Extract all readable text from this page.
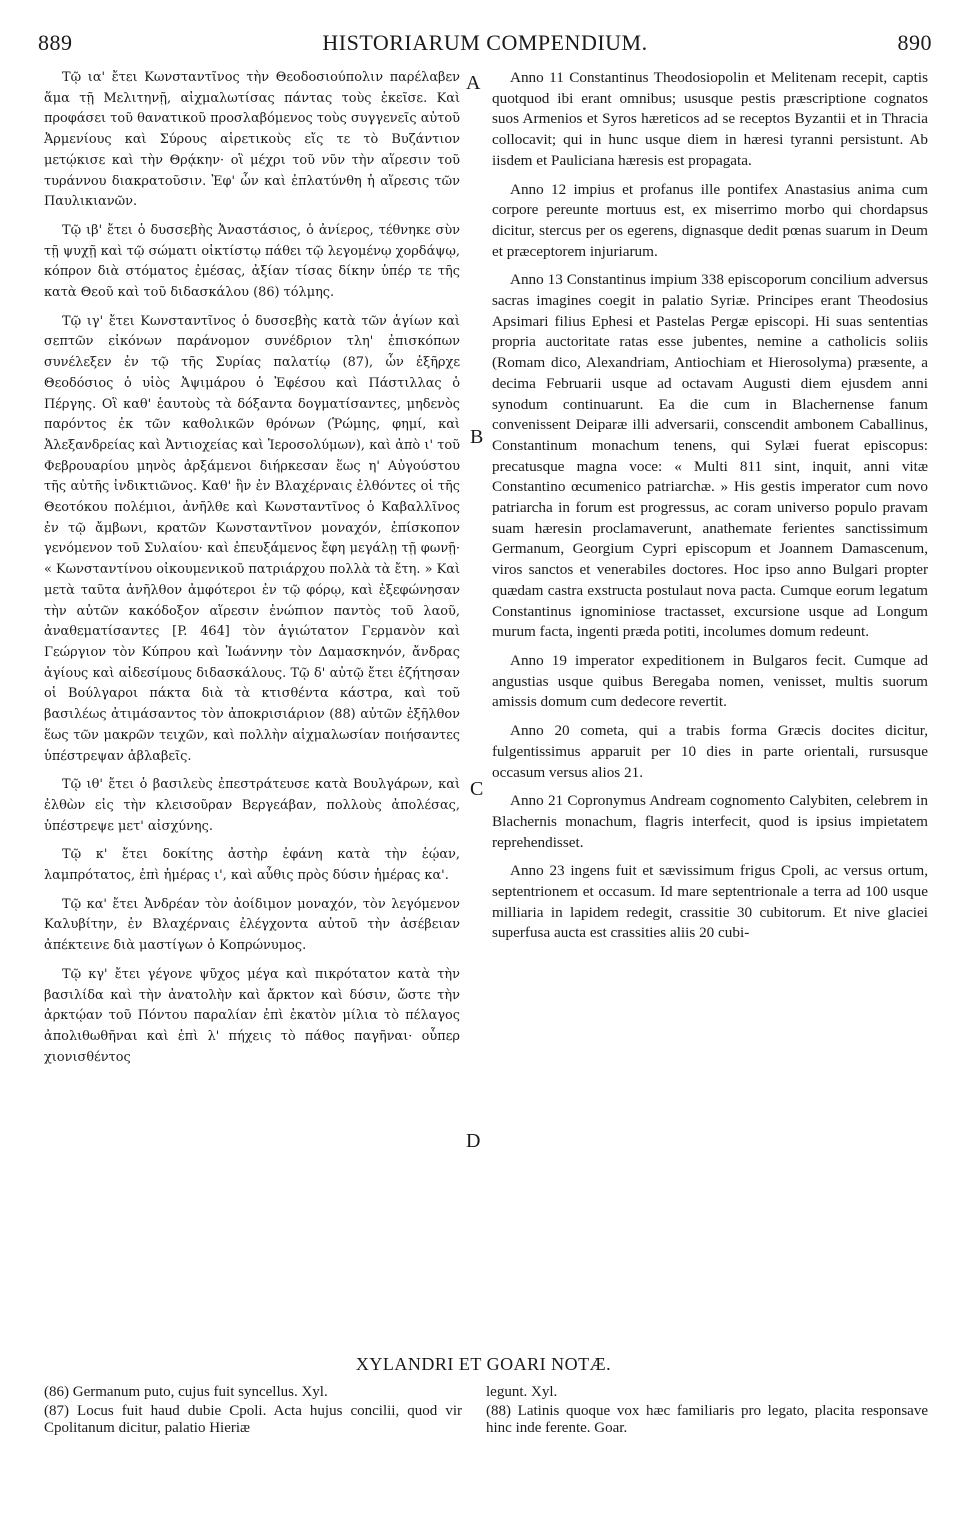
889	HISTORIARUM COMPENDIUM.	890

Τῷ ια' ἔτει Κωνσταντῖνος τὴν Θεοδοσιούπολιν παρέλαβεν ἅμα τῇ Μελιτηνῇ, αἰχμαλωτίσας πάντας τοὺς ἐκεῖσε. Καὶ προφάσει τοῦ θανατικοῦ προσλαβόμενος τοὺς συγγενεῖς αὐτοῦ Ἀρμενίους καὶ Σύρους αἱρετικοὺς εἴς τε τὸ Βυζάντιον μετῴκισε καὶ τὴν Θρᾴκην· οἳ μέχρι τοῦ νῦν τὴν αἵρεσιν τοῦ τυράννου διακρατοῦσιν. Ἐφ' ὧν καὶ ἐπλατύνθη ἡ αἵρεσις τῶν Παυλικιανῶν.

Τῷ ιβ' ἔτει ὁ δυσσεβὴς Ἀναστάσιος, ὁ ἀνίερος, τέθνηκε σὺν τῇ ψυχῇ καὶ τῷ σώματι οἰκτίστῳ πάθει τῷ λεγομένῳ χορδάψῳ, κόπρον διὰ στόματος ἐμέσας, ἀξίαν τίσας δίκην ὑπέρ τε τῆς κατὰ Θεοῦ καὶ τοῦ διδασκάλου (86) τόλμης.

Τῷ ιγ' ἔτει Κωνσταντῖνος ὁ δυσσεβὴς κατὰ τῶν ἁγίων καὶ σεπτῶν εἰκόνων παράνομον συνέδριον τλη' ἐπισκόπων συνέλεξεν ἐν τῷ τῆς Συρίας παλατίῳ (87), ὧν ἐξῆρχε Θεοδόσιος ὁ υἱὸς Ἀψιμάρου ὁ Ἐφέσου καὶ Πάστιλλας ὁ Πέργης. Οἳ καθ' ἑαυτοὺς τὰ δόξαντα δογματίσαντες, μηδενὸς παρόντος ἐκ τῶν καθολικῶν θρόνων (Ῥώμης, φημί, καὶ Ἀλεξανδρείας καὶ Ἀντιοχείας καὶ Ἱεροσολύμων), καὶ ἀπὸ ι' τοῦ Φεβρουαρίου μηνὸς ἀρξάμενοι διήρκεσαν ἕως η' Αὐγούστου τῆς αὐτῆς ἰνδικτιῶνος. Καθ' ἣν ἐν Βλαχέρναις ἐλθόντες οἱ τῆς Θεοτόκου πολέμιοι, ἀνῆλθε καὶ Κωνσταντῖνος ὁ Καβαλλῖνος ἐν τῷ ἄμβωνι, κρατῶν Κωνσταντῖνον μοναχόν, ἐπίσκοπον γενόμενον τοῦ Συλαίου· καὶ ἐπευξάμενος ἔφη μεγάλῃ τῇ φωνῇ· « Κωνσταντίνου οἰκουμενικοῦ πατριάρχου πολλὰ τὰ ἔτη. » Καὶ μετὰ ταῦτα ἀνῆλθον ἀμφότεροι ἐν τῷ φόρῳ, καὶ ἐξεφώνησαν τὴν αὐτῶν κακόδοξον αἵρεσιν ἐνώπιον παντὸς τοῦ λαοῦ, ἀναθεματίσαντες [P. 464] τὸν ἁγιώτατον Γερμανὸν καὶ Γεώργιον τὸν Κύπρου καὶ Ἰωάννην τὸν Δαμασκηνόν, ἄνδρας ἁγίους καὶ αἰδεσίμους διδασκάλους. Τῷ δ' αὐτῷ ἔτει ἐζήτησαν οἱ Βούλγαροι πάκτα διὰ τὰ κτισθέντα κάστρα, καὶ τοῦ βασιλέως ἀτιμάσαντος τὸν ἀποκρισιάριον (88) αὐτῶν ἐξῆλθον ἕως τῶν μακρῶν τειχῶν, καὶ πολλὴν αἰχμαλωσίαν ποιήσαντες ὑπέστρεψαν ἀβλαβεῖς.

Τῷ ιθ' ἔτει ὁ βασιλεὺς ἐπεστράτευσε κατὰ Βουλγάρων, καὶ ἐλθὼν εἰς τὴν κλεισοῦραν Βεργεάβαν, πολλοὺς ἀπολέσας, ὑπέστρεψε μετ' αἰσχύνης.

Τῷ κ' ἔτει δοκίτης ἀστὴρ ἐφάνη κατὰ τὴν ἑῴαν, λαμπρότατος, ἐπὶ ἡμέρας ι', καὶ αὖθις πρὸς δύσιν ἡμέρας κα'.

Τῷ κα' ἔτει Ἀνδρέαν τὸν ἀοίδιμον μοναχόν, τὸν λεγόμενον Καλυβίτην, ἐν Βλαχέρναις ἐλέγχοντα αὐτοῦ τὴν ἀσέβειαν ἀπέκτεινε διὰ μαστίγων ὁ Κοπρώνυμος.

Τῷ κγ' ἔτει γέγονε ψῦχος μέγα καὶ πικρότατον κατὰ τὴν βασιλίδα καὶ τὴν ἀνατολὴν καὶ ἄρκτον καὶ δύσιν, ὥστε τὴν ἀρκτῴαν τοῦ Πόντου παραλίαν ἐπὶ ἑκατὸν μίλια τὸ πέλαγος ἀπολιθωθῆναι καὶ ἐπὶ λ' πήχεις τὸ πάθος παγῆναι· οὗπερ χιονισθέντος

A
B
C
D

Anno 11 Constantinus Theodosiopolin et Melitenam recepit, captis quotquod ibi erant omnibus; ususque pestis præscriptione cognatos suos Armenios et Syros hæreticos ad se receptos Byzantii et in Thracia collocavit; qui in hunc usque diem in hæresi tyranni persistunt. Ab iisdem et Pauliciana hæresis est propagata.

Anno 12 impius et profanus ille pontifex Anastasius anima cum corpore pereunte mortuus est, ex miserrimo morbo qui chordapsus dicitur, stercus per os egerens, dignasque dedit pœnas suarum in Deum et præceptorem injuriarum.

Anno 13 Constantinus impium 338 episcoporum concilium adversus sacras imagines coegit in palatio Syriæ. Principes erant Theodosius Apsimari filius Ephesi et Pastelas Pergæ episcopi. Hi suas sententias propria auctoritate ratas esse jubentes, nemine a catholicis soliis (Romam dico, Alexandriam, Antiochiam et Hierosolyma) præsente, a decima Februarii usque ad octavam Augusti diem ejusdem anni synodum continuarunt. Ea die cum in Blachernense fanum convenissent Deiparæ illi adversarii, conscendit ambonem Caballinus, Constantinum monachum tenens, qui Sylæi fuerat episcopus: precatusque magna voce: « Multi 811 sint, inquit, anni vitæ Constantino œcumenico patriarchæ. » His gestis imperator cum novo patriarcha in forum est progressus, ac coram universo populo pravam suam hæresin proclamaverunt, anathemate ferientes sanctissimum Germanum, Georgium Cypri episcopum et Joannem Damascenum, viros sanctos et venerabiles doctores. Hoc ipso anno Bulgari propter quædam castra exstructa postulaut nova pacta. Cumque eorum legatum Constantinus ignominiose tractasset, excursione usque ad Longum murum facta, ingenti præda potiti, incolumes domum redeunt.

Anno 19 imperator expeditionem in Bulgaros fecit. Cumque ad angustias usque quibus Beregaba nomen, venisset, multis suorum amissis domum cum dedecore revertit.

Anno 20 cometa, qui a trabis forma Græcis docites dicitur, fulgentissimus apparuit per 10 dies in parte orientali, rursusque occasum versus alios 21.

Anno 21 Copronymus Andream cognomento Calybiten, celebrem in Blachernis monachum, flagris interfecit, quod is ipsius impietatem reprehendisset.

Anno 23 ingens fuit et sævissimum frigus Cpoli, ac versus ortum, septentrionem et occasum. Id mare septentrionale a terra ad 100 usque milliaria in lapidem redegit, crassitie 30 cubitorum. Et nive glaciei superfusa aucta est crassities aliis 20 cubi-

XYLANDRI ET GOARI NOTÆ.

(86) Germanum puto, cujus fuit syncellus. Xyl.

(87) Locus fuit haud dubie Cpoli. Acta hujus concilii, quod vir Cpolitanum dicitur, palatio Hieriæ

legunt. Xyl.

(88) Latinis quoque vox hæc familiaris pro legato, placita responsave hinc inde ferente. Goar.
